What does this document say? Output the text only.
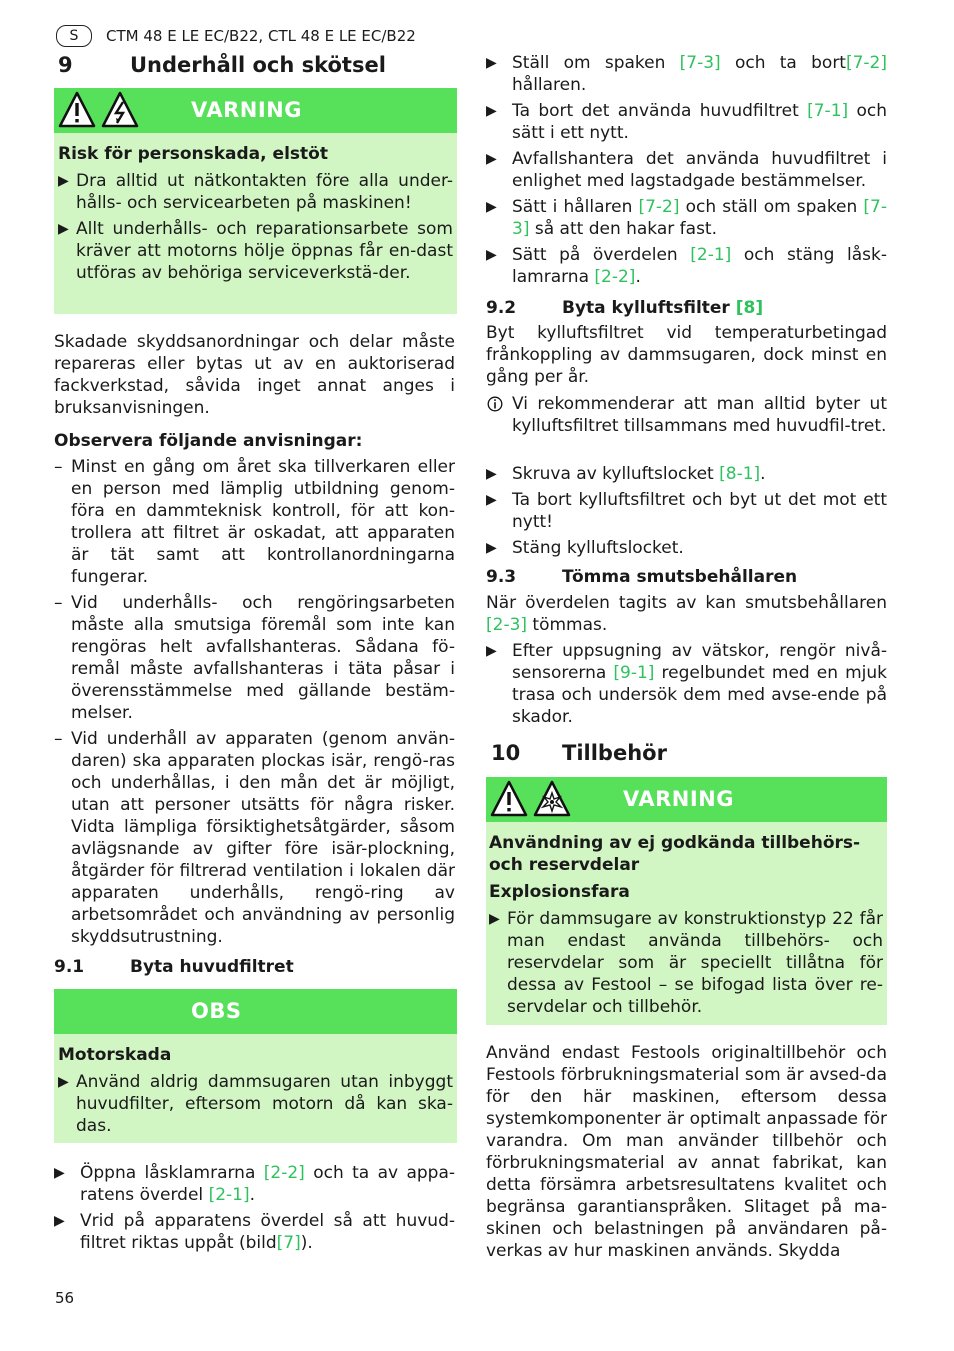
S	CTM 48 E LE EC/B22, CTL 48 E LE EC/B22
9	Underhåll och skötsel
VARNING
Risk för personskada, elstöt
▶ Dra alltid ut nätkontakten före alla under-hålls- och servicearbeten på maskinen!
▶ Allt underhålls- och reparationsarbete som kräver att motorns hölje öppnas får en-dast utföras av behöriga serviceverkstä-der.
Skadade skyddsanordningar och delar måste repareras eller bytas ut av en auktoriserad fackverkstad, såvida inget annat anges i bruksanvisningen.
Observera följande anvisningar:
– Minst en gång om året ska tillverkaren eller en person med lämplig utbildning genom-föra en dammteknisk kontroll, för att kon-trollera att filtret är oskadat, att apparaten är tät samt att kontrollanordningarna fungerar.
– Vid underhålls- och rengöringsarbeten måste alla smutsiga föremål som inte kan rengöras helt avfallshanteras. Sådana fö-remål måste avfallshanteras i täta påsar i överensstämmelse med gällande bestäm-melser.
– Vid underhåll av apparaten (genom använ-daren) ska apparaten plockas isär, rengö-ras och underhållas, i den mån det är möjligt, utan att personer utsätts för några risker. Vidta lämpliga försiktighetsåtgärder, såsom avlägsnande av gifter före isär-plockning, åtgärder för filtrerad ventilation i lokalen där apparaten underhålls, rengö-ring av arbetsområdet och användning av personlig skyddsutrustning.
9.1	Byta huvudfiltret
OBS
Motorskada
▶ Använd aldrig dammsugaren utan inbyggt huvudfilter, eftersom motorn då kan ska-das.
▶ Öppna låsklamrarna [2-2] och ta av appa-ratens överdel [2-1].
▶ Vrid på apparatens överdel så att huvud-filtret riktas uppåt (bild[7]).
56
▶ Ställ om spaken [7-3] och ta bort[7-2] hållaren.
▶ Ta bort det använda huvudfiltret [7-1] och sätt i ett nytt.
▶ Avfallshantera det använda huvudfiltret i enlighet med lagstadgade bestämmelser.
▶ Sätt i hållaren [7-2] och ställ om spaken [7-3] så att den hakar fast.
▶ Sätt på överdelen [2-1] och stäng låsk-lamrarna [2-2].
9.2	Byta kylluftsfilter [8]
Byt kylluftsfiltret vid temperaturbetingad frånkoppling av dammsugaren, dock minst en gång per år.
Vi rekommenderar att man alltid byter ut kylluftsfiltret tillsammans med huvudfil-tret.
▶ Skruva av kylluftslocket [8-1].
▶ Ta bort kylluftsfiltret och byt ut det mot ett nytt!
▶ Stäng kylluftslocket.
9.3	Tömma smutsbehållaren
När överdelen tagits av kan smutsbehållaren [2-3] tömmas.
▶ Efter uppsugning av vätskor, rengör nivå-sensorerna [9-1] regelbundet med en mjuk trasa och undersök dem med avse-ende på skador.
10 Tillbehör
VARNING
Användning av ej godkända tillbehörs- och reservdelar
Explosionsfara
▶ För dammsugare av konstruktionstyp 22 får man endast använda tillbehörs- och reservdelar som är speciellt tillåtna för dessa av Festool – se bifogad lista över re-servdelar och tillbehör.
Använd endast Festools originaltillbehör och Festools förbrukningsmaterial som är avsed-da för den här maskinen, eftersom dessa systemkomponenter är optimalt anpassade för varandra. Om man använder tillbehör och förbrukningsmaterial av annat fabrikat, kan detta försämra arbetsresultatens kvalitet och begränsa garantianspråken. Slitaget på ma-skinen och belastningen på användaren på-verkas av hur maskinen används. Skydda
